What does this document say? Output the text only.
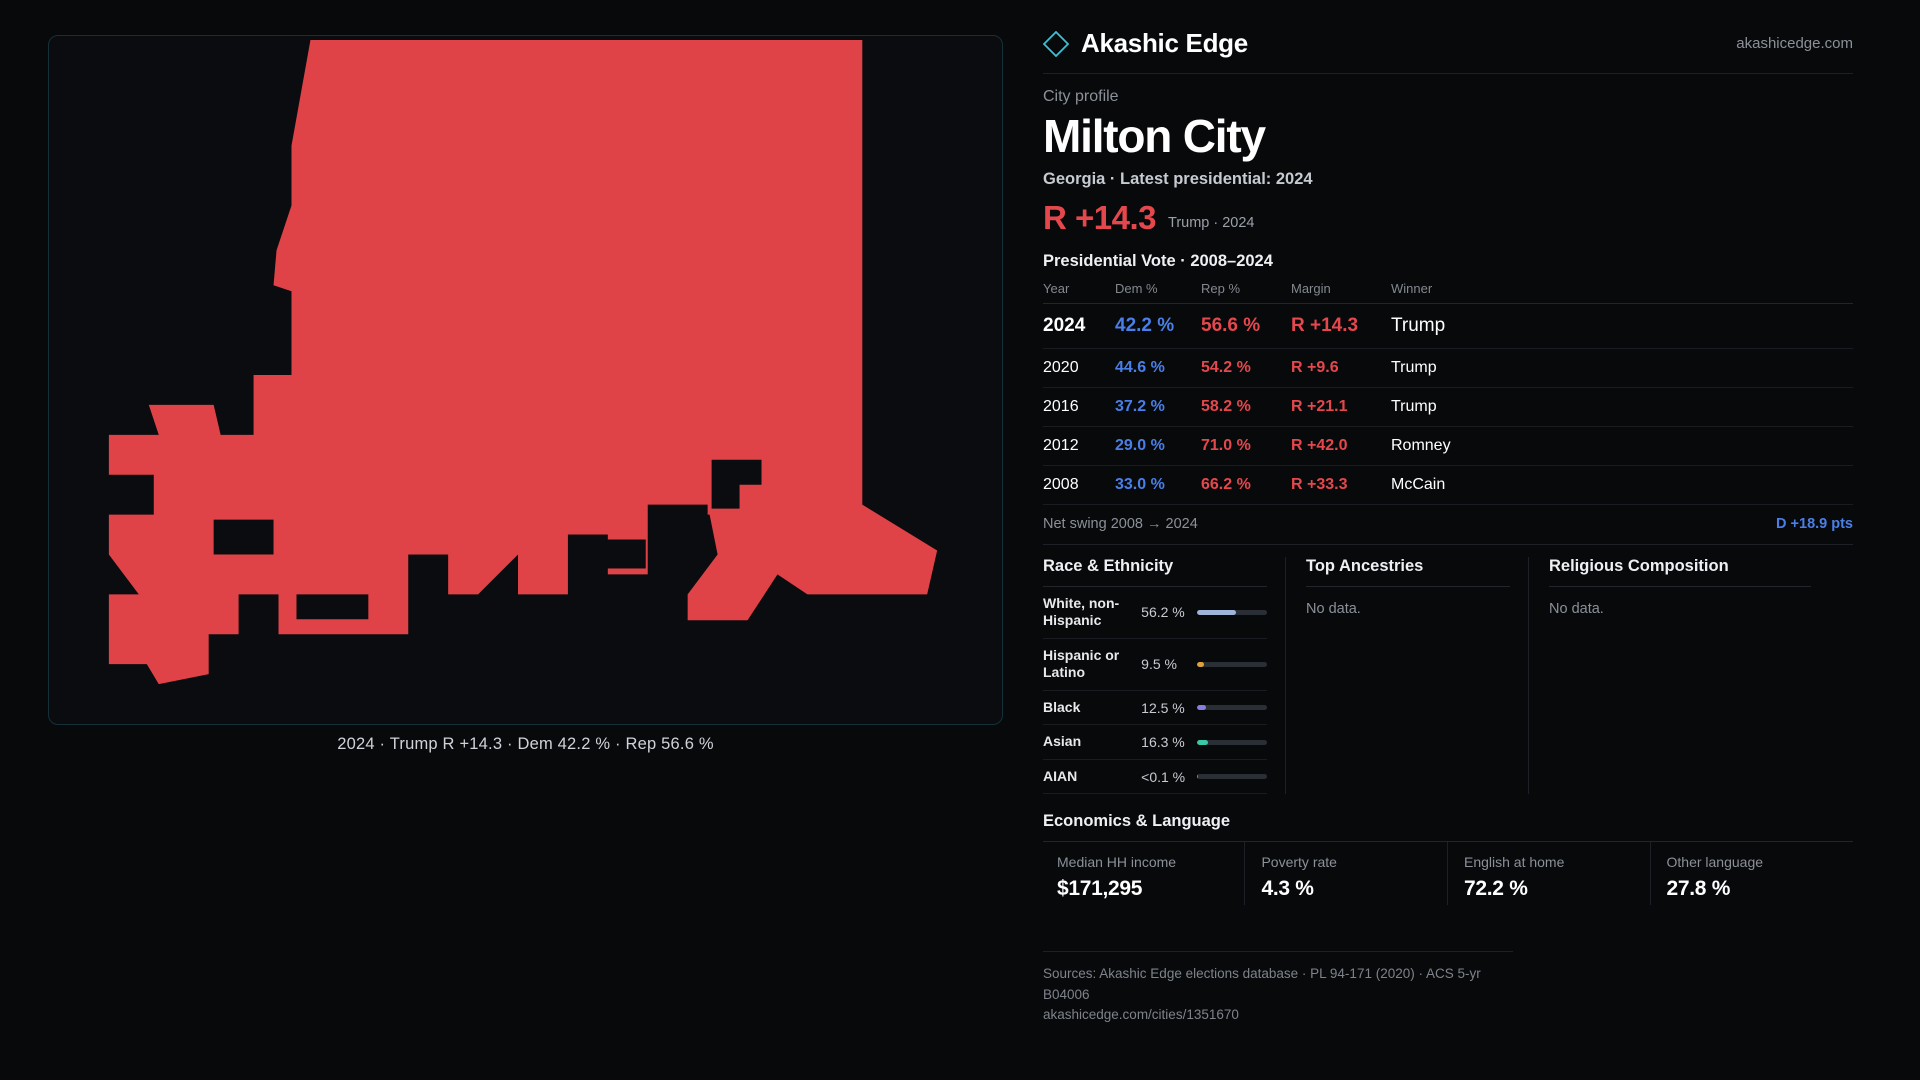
2024 · Trump R +14.3 · Dem 42.2 % · Rep 56.6 %
Akashic Edge	akashicedge.com
City profile
Milton City
Georgia · Latest presidential: 2024
R +14.3 Trump · 2024
Presidential Vote · 2008–2024
Year	Dem %	Rep %	Margin	Winner
2024	42.2 %	56.6 %	R +14.3	Trump
2020	44.6 %	54.2 %	R +9.6	Trump
2016	37.2 %	58.2 %	R +21.1	Trump
2012	29.0 %	71.0 %	R +42.0	Romney
2008	33.0 %	66.2 %	R +33.3	McCain
Net swing 2008 → 2024	D +18.9 pts
Race & Ethnicity
White, non-Hispanic	56.2 %
Hispanic or Latino	9.5 %
Black	12.5 %
Asian	16.3 %
AIAN	<0.1 %
Top Ancestries
No data.
Religious Composition
No data.
Economics & Language
Median HH income
$171,295
Poverty rate
4.3 %
English at home
72.2 %
Other language
27.8 %
Sources: Akashic Edge elections database · PL 94-171 (2020) · ACS 5-yr B04006
akashicedge.com/cities/1351670
